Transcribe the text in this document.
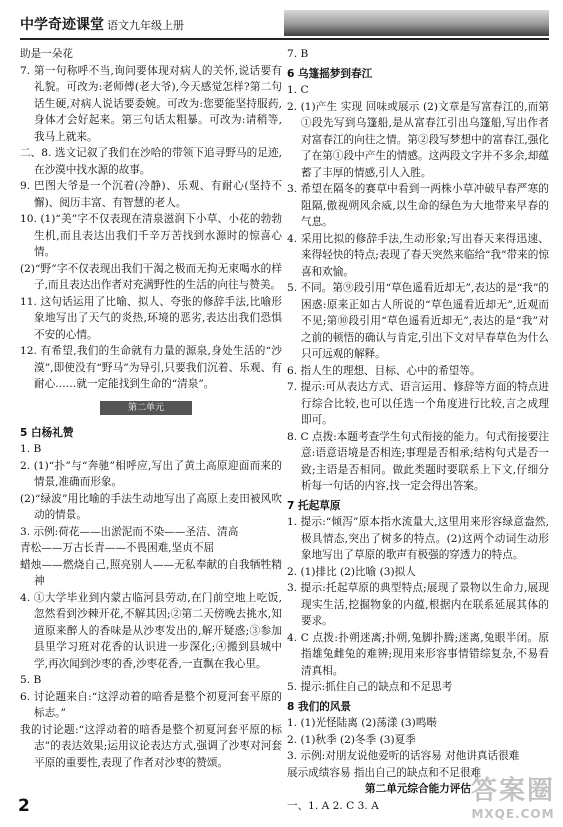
中学奇迹课堂 语文九年级上册
助是一朵花
7. 第一句称呼不当,询问要体现对病人的关怀,说话要有礼貌。可改为:老师傅(老大爷),今天感觉怎样?第二句话生硬,对病人说话要委婉。可改为:您要能坚持服药,身体才会好起来。第三句话太粗暴。可改为:请稍等,我马上就来。
二、8. 选文记叙了我们在沙哈的带领下追寻野马的足迹,在沙漠中找水源的故事。
9. 巴图大爷是一个沉着(冷静)、乐观、有耐心(坚持不懈)、阅历丰富、有智慧的老人。
10. (1)“美”字不仅表现在清泉滋润下小草、小花的勃勃生机,而且表达出我们千辛万苦找到水源时的惊喜心情。
(2)“野”字不仅表现出我们干渴之极而无拘无束喝水的样子,而且表达出作者对充满野性的生活的向往与赞美。
11. 这句话运用了比喻、拟人、夸张的修辞手法,比喻形象地写出了天气的炎热,环境的恶劣,表达出我们恐惧不安的心情。
12. 有希望,我们的生命就有力量的源泉,身处生活的“沙漠”,即使没有“野马”为导引,只要我们沉着、乐观、有耐心……就一定能找到生命的“清泉”。
第二单元
5 白杨礼赞
1. B
2. (1)“扑”与“奔驰”相呼应,写出了黄土高原迎面而来的情景,准确而形象。
(2)“绿波”用比喻的手法生动地写出了高原上麦田被风吹动的情景。
3. 示例:荷花——出淤泥而不染——圣洁、清高
青松——万古长青——不畏困难,坚贞不屈
蜡烛——燃烧自己,照亮别人——无私奉献的自我牺牲精神
4. ①大学毕业到内蒙古临河县劳动,在门前空地上吃饭,忽然看到沙棘开花,不解其因;②第二天傍晚去挑水,知道原来醉人的香味是从沙枣发出的,解开疑惑;③参加县里学习班对花香的认识进一步深化;④搬到县城中学,再次闻到沙枣的香,沙枣花香,一直飘在我心里。
5. B
6. 讨论题来自:“这浮动着的暗香是整个初夏河套平原的标志。”
我的讨论题:“这浮动着的暗香是整个初夏河套平原的标志”的表达效果;运用议论表达方式,强调了沙枣对河套平原的重要性,表现了作者对沙枣的赞颂。
7. B
6 乌篷摇梦到春江
1. C
2. (1)产生 实现 回味或展示 (2)文章是写富春江的,而第①段先写到乌篷船,是从富春江引出乌篷船,写出作者对富春江的向往之情。第②段写梦想中的富春江,强化了在第①段中产生的情感。这两段文字并不多余,却蕴蓄了丰厚的情感,引人入胜。
3. 希望在隔冬的赛草中看到一两株小草冲破早春严寒的阻隔,傲视朔风余威,以生命的绿色为大地带来早春的气息。
4. 采用比拟的修辞手法,生动形象;写出春天来得迅速、来得轻快的特点;表现了春天突然来临给“我”带来的惊喜和欢愉。
5. 不同。第⑨段引用“草色遥看近却无”,表达的是“我”的困惑:原来正如古人所说的“草色遥看近却无”,近观而不见;第⑩段引用“草色遥看近却无”,表达的是“我”对之前的顿悟的确认与肯定,引出下文对早春草色为什么只可远观的解释。
6. 指人生的理想、目标、心中的希望等。
7. 提示:可从表达方式、语言运用、修辞等方面的特点进行综合比较,也可以任选一个角度进行比较,言之成理即可。
8. C 点拨:本题考查学生句式衔接的能力。句式衔接要注意:语意语境是否相连;事理是否相承;结构句式是否一致;主语是否相同。做此类题时要联系上下文,仔细分析每一句话的内容,找一定会得出答案。
7 托起草原
1. 提示:“倾泻”原本指水流量大,这里用来形容绿意盎然,极具情态,突出了树多的特点。(2)这两个动词生动形象地写出了草原的歌声有极强的穿透力的特点。
2. (1)排比 (2)比喻 (3)拟人
3. 提示:托起草原的典型特点;展现了景物以生命力,展现现实生活,挖掘物象的内蕴,根据内在联系延展其体的要求。
4. C 点拨:扑朔迷离;扑朔,兔脚扑腾;迷离,兔眼半闭。原指雄兔雌兔的难辨;现用来形容事情错综复杂,不易看清真相。
5. 提示:抓住自己的缺点和不足思考
8 我们的风景
1. (1)光怪陆离 (2)荡漾 (3)鸣啭
2. (1)秋季 (2)冬季 (3)夏季
3. 示例:对朋友说他爱听的话容易 对他讲真话很难
展示成绩容易 指出自己的缺点和不足很难
第二单元综合能力评估
一、1. A 2. C 3. A
2	答案圈
MXQE.COM
